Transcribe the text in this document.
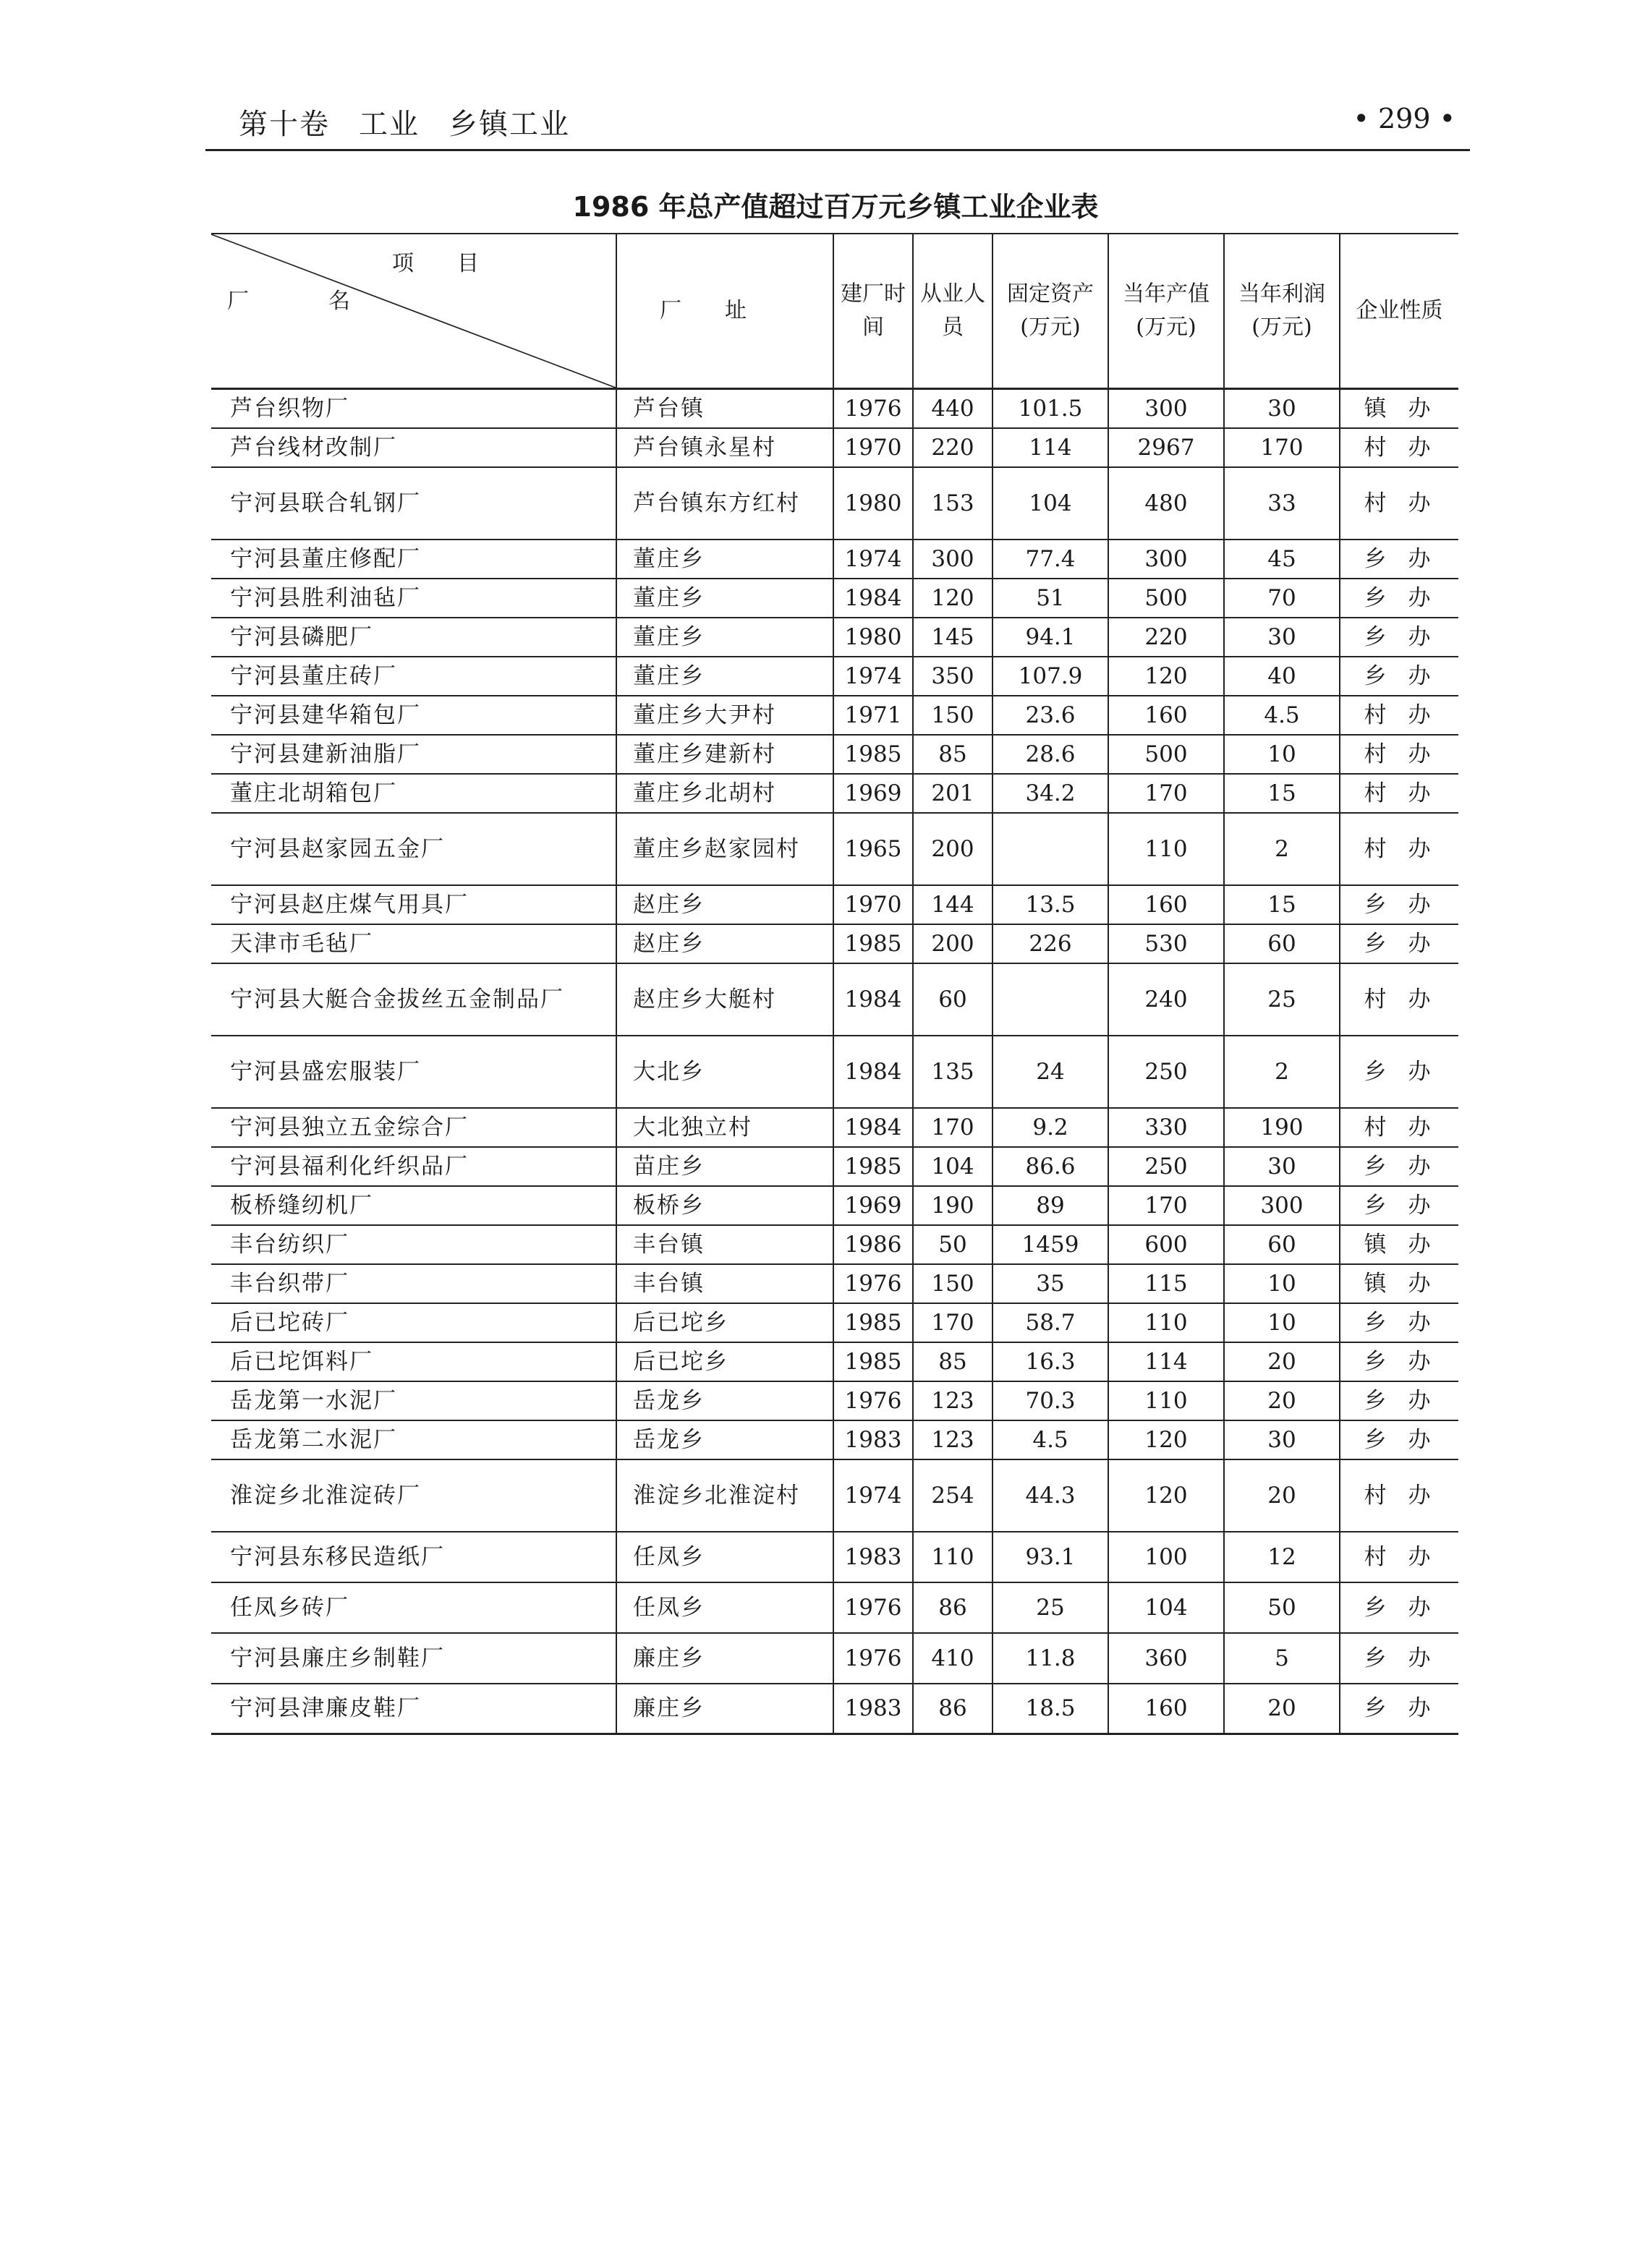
第十卷 工业 乡镇工业	• 299 •
1986 年总产值超过百万元乡镇工业企业表
项目
厂名	厂址	建厂时间	从业人员	固定资产(万元)	当年产值(万元)	当年利润(万元)	企业性质
芦台织物厂	芦台镇	1976	440	101.5	300	30	镇办
芦台线材改制厂	芦台镇永星村	1970	220	114	2967	170	村办
宁河县联合轧钢厂	芦台镇东方红村	1980	153	104	480	33	村办
宁河县董庄修配厂	董庄乡	1974	300	77.4	300	45	乡办
宁河县胜利油毡厂	董庄乡	1984	120	51	500	70	乡办
宁河县磷肥厂	董庄乡	1980	145	94.1	220	30	乡办
宁河县董庄砖厂	董庄乡	1974	350	107.9	120	40	乡办
宁河县建华箱包厂	董庄乡大尹村	1971	150	23.6	160	4.5	村办
宁河县建新油脂厂	董庄乡建新村	1985	85	28.6	500	10	村办
董庄北胡箱包厂	董庄乡北胡村	1969	201	34.2	170	15	村办
宁河县赵家园五金厂	董庄乡赵家园村	1965	200		110	2	村办
宁河县赵庄煤气用具厂	赵庄乡	1970	144	13.5	160	15	乡办
天津市毛毡厂	赵庄乡	1985	200	226	530	60	乡办
宁河县大艇合金拔丝五金制品厂	赵庄乡大艇村	1984	60		240	25	村办
宁河县盛宏服装厂	大北乡	1984	135	24	250	2	乡办
宁河县独立五金综合厂	大北独立村	1984	170	9.2	330	190	村办
宁河县福利化纤织品厂	苗庄乡	1985	104	86.6	250	30	乡办
板桥缝纫机厂	板桥乡	1969	190	89	170	300	乡办
丰台纺织厂	丰台镇	1986	50	1459	600	60	镇办
丰台织带厂	丰台镇	1976	150	35	115	10	镇办
后已坨砖厂	后已坨乡	1985	170	58.7	110	10	乡办
后已坨饵料厂	后已坨乡	1985	85	16.3	114	20	乡办
岳龙第一水泥厂	岳龙乡	1976	123	70.3	110	20	乡办
岳龙第二水泥厂	岳龙乡	1983	123	4.5	120	30	乡办
淮淀乡北淮淀砖厂	淮淀乡北淮淀村	1974	254	44.3	120	20	村办
宁河县东移民造纸厂	任凤乡	1983	110	93.1	100	12	村办
任凤乡砖厂	任凤乡	1976	86	25	104	50	乡办
宁河县廉庄乡制鞋厂	廉庄乡	1976	410	11.8	360	5	乡办
宁河县津廉皮鞋厂	廉庄乡	1983	86	18.5	160	20	乡办
